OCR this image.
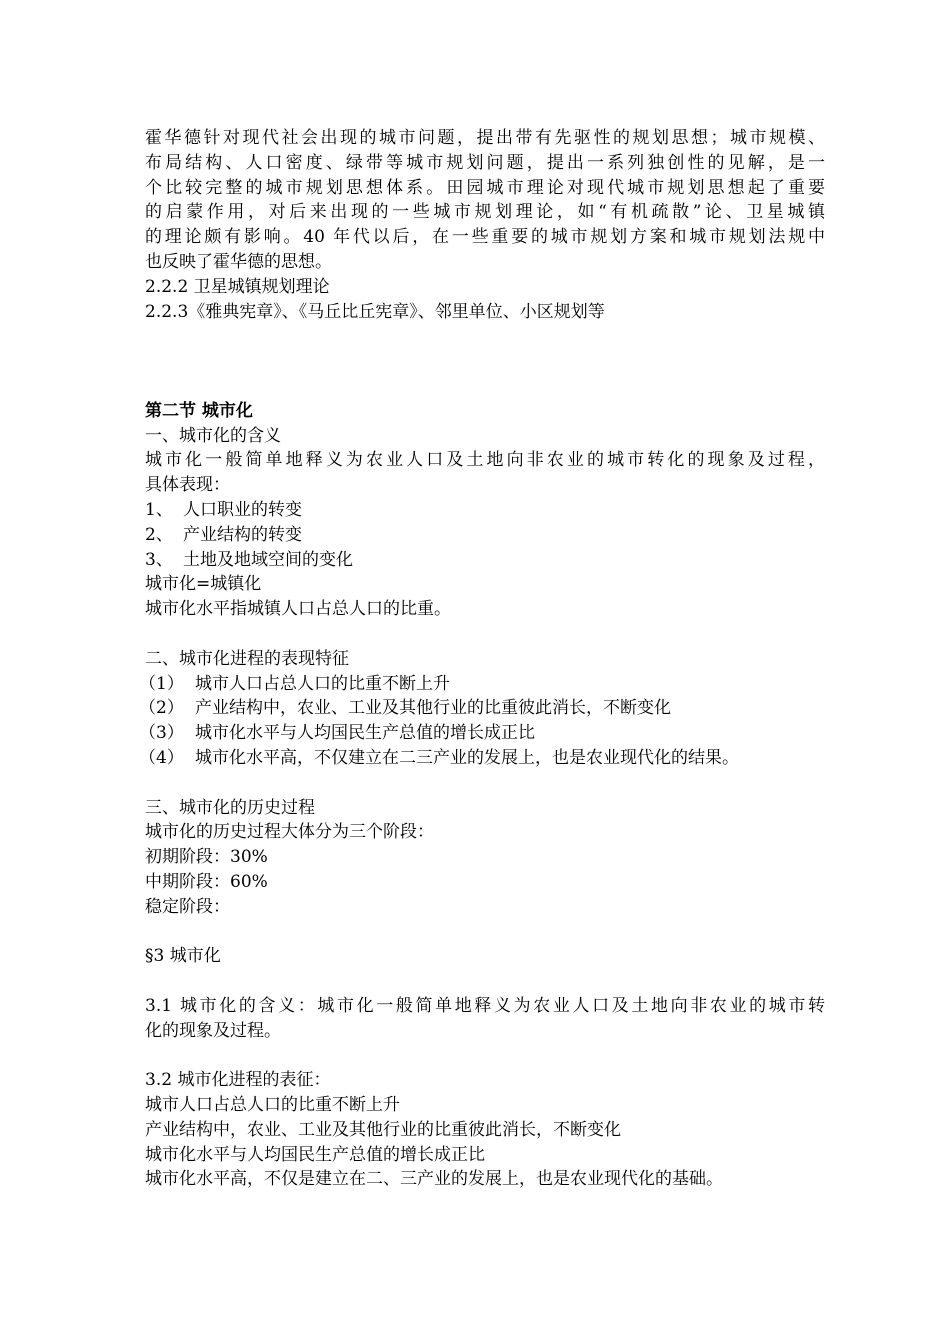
霍华德针对现代社会出现的城市问题，提出带有先驱性的规划思想；城市规模、
布局结构、人口密度、绿带等城市规划问题，提出一系列独创性的见解，是一
个比较完整的城市规划思想体系。田园城市理论对现代城市规划思想起了重要
的启蒙作用，对后来出现的一些城市规划理论，如“有机疏散”论、卫星城镇
的理论颇有影响。40 年代以后，在一些重要的城市规划方案和城市规划法规中
也反映了霍华德的思想。
2.2.2 卫星城镇规划理论
2.2.3《雅典宪章》、《马丘比丘宪章》、邻里单位、小区规划等
第二节 城市化
一、城市化的含义
城市化一般简单地释义为农业人口及土地向非农业的城市转化的现象及过程，
具体表现：
1、 人口职业的转变
2、 产业结构的转变
3、 土地及地域空间的变化
城市化=城镇化
城市化水平指城镇人口占总人口的比重。
二、城市化进程的表现特征
（1） 城市人口占总人口的比重不断上升
（2） 产业结构中，农业、工业及其他行业的比重彼此消长，不断变化
（3） 城市化水平与人均国民生产总值的增长成正比
（4） 城市化水平高，不仅建立在二三产业的发展上，也是农业现代化的结果。
三、城市化的历史过程
城市化的历史过程大体分为三个阶段：
初期阶段：30%
中期阶段：60%
稳定阶段：
§3 城市化
3.1 城市化的含义：城市化一般简单地释义为农业人口及土地向非农业的城市转
化的现象及过程。
3.2 城市化进程的表征：
城市人口占总人口的比重不断上升
产业结构中，农业、工业及其他行业的比重彼此消长，不断变化
城市化水平与人均国民生产总值的增长成正比
城市化水平高，不仅是建立在二、三产业的发展上，也是农业现代化的基础。
